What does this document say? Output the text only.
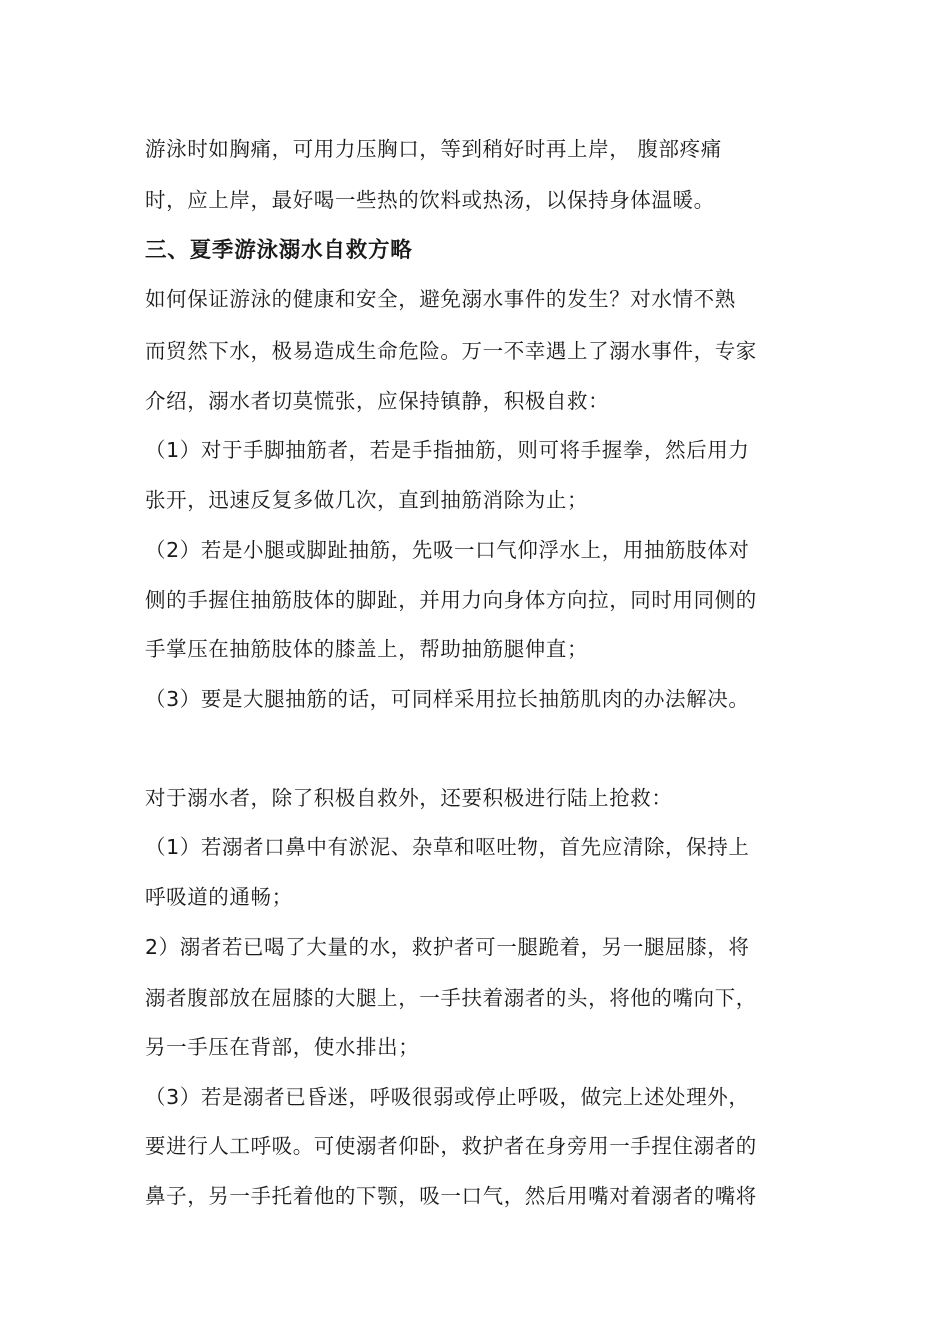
游泳时如胸痛，可用力压胸口，等到稍好时再上岸， 腹部疼痛
时，应上岸，最好喝一些热的饮料或热汤，以保持身体温暖。
三、夏季游泳溺水自救方略
如何保证游泳的健康和安全，避免溺水事件的发生？对水情不熟
而贸然下水，极易造成生命危险。万一不幸遇上了溺水事件，专家
介绍，溺水者切莫慌张，应保持镇静，积极自救：
（1）对于手脚抽筋者，若是手指抽筋，则可将手握拳，然后用力
张开，迅速反复多做几次，直到抽筋消除为止；
（2）若是小腿或脚趾抽筋，先吸一口气仰浮水上，用抽筋肢体对
侧的手握住抽筋肢体的脚趾，并用力向身体方向拉，同时用同侧的
手掌压在抽筋肢体的膝盖上，帮助抽筋腿伸直；
（3）要是大腿抽筋的话，可同样采用拉长抽筋肌肉的办法解决。
对于溺水者，除了积极自救外，还要积极进行陆上抢救：
（1）若溺者口鼻中有淤泥、杂草和呕吐物，首先应清除，保持上
呼吸道的通畅；
2）溺者若已喝了大量的水，救护者可一腿跪着，另一腿屈膝，将
溺者腹部放在屈膝的大腿上，一手扶着溺者的头，将他的嘴向下，
另一手压在背部，使水排出；
（3）若是溺者已昏迷，呼吸很弱或停止呼吸，做完上述处理外，
要进行人工呼吸。可使溺者仰卧，救护者在身旁用一手捏住溺者的
鼻子，另一手托着他的下颚，吸一口气，然后用嘴对着溺者的嘴将
